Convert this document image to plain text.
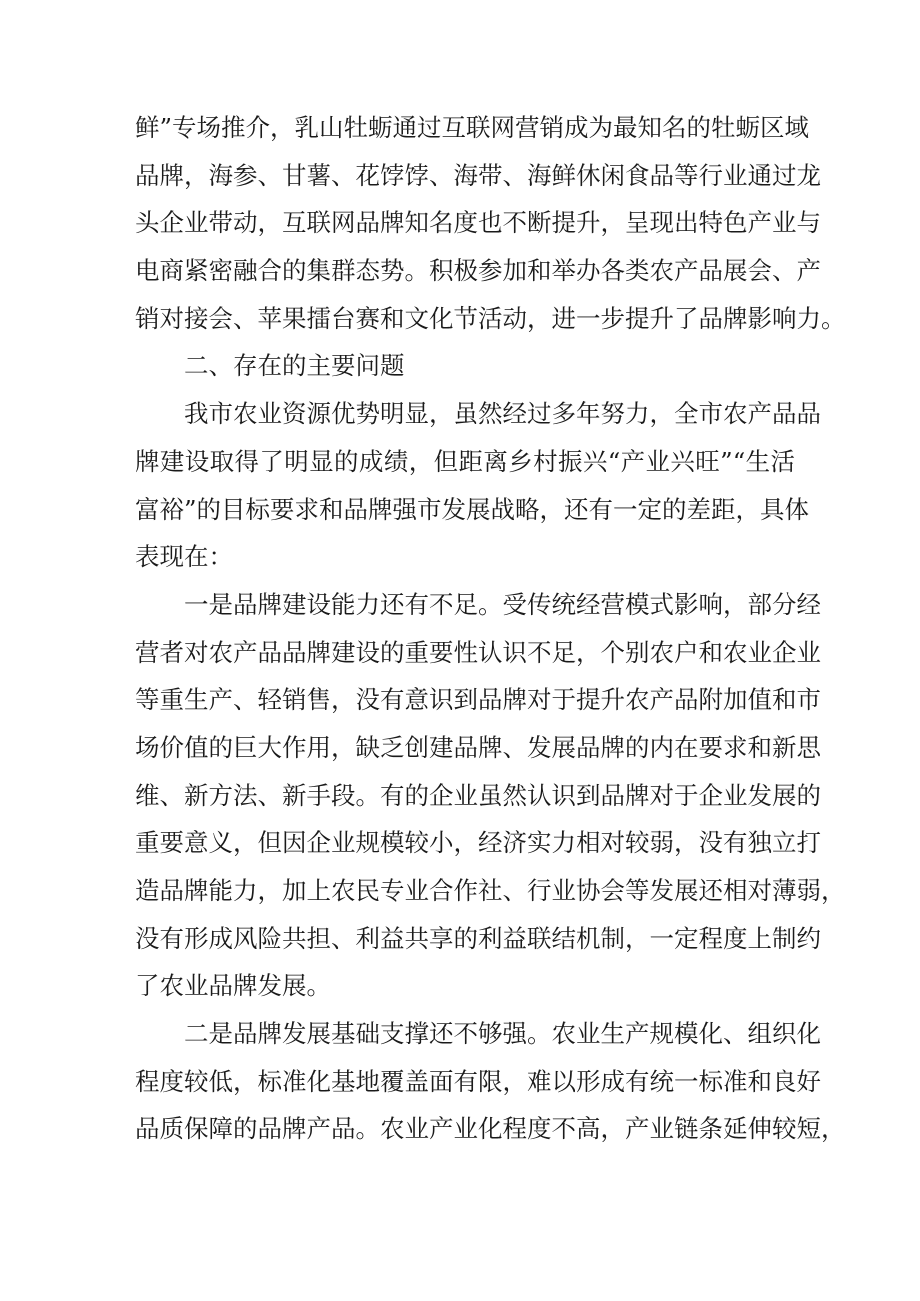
鲜”专场推介，乳山牡蛎通过互联网营销成为最知名的牡蛎区域
品牌，海参、甘薯、花饽饽、海带、海鲜休闲食品等行业通过龙
头企业带动，互联网品牌知名度也不断提升，呈现出特色产业与
电商紧密融合的集群态势。积极参加和举办各类农产品展会、产
销对接会、苹果擂台赛和文化节活动，进一步提升了品牌影响力。
二、存在的主要问题
我市农业资源优势明显，虽然经过多年努力，全市农产品品
牌建设取得了明显的成绩，但距离乡村振兴“产业兴旺”“生活
富裕”的目标要求和品牌强市发展战略，还有一定的差距，具体
表现在：
一是品牌建设能力还有不足。受传统经营模式影响，部分经
营者对农产品品牌建设的重要性认识不足，个别农户和农业企业
等重生产、轻销售，没有意识到品牌对于提升农产品附加值和市
场价值的巨大作用，缺乏创建品牌、发展品牌的内在要求和新思
维、新方法、新手段。有的企业虽然认识到品牌对于企业发展的
重要意义，但因企业规模较小，经济实力相对较弱，没有独立打
造品牌能力，加上农民专业合作社、行业协会等发展还相对薄弱，
没有形成风险共担、利益共享的利益联结机制，一定程度上制约
了农业品牌发展。
二是品牌发展基础支撑还不够强。农业生产规模化、组织化
程度较低，标准化基地覆盖面有限，难以形成有统一标准和良好
品质保障的品牌产品。农业产业化程度不高，产业链条延伸较短，
